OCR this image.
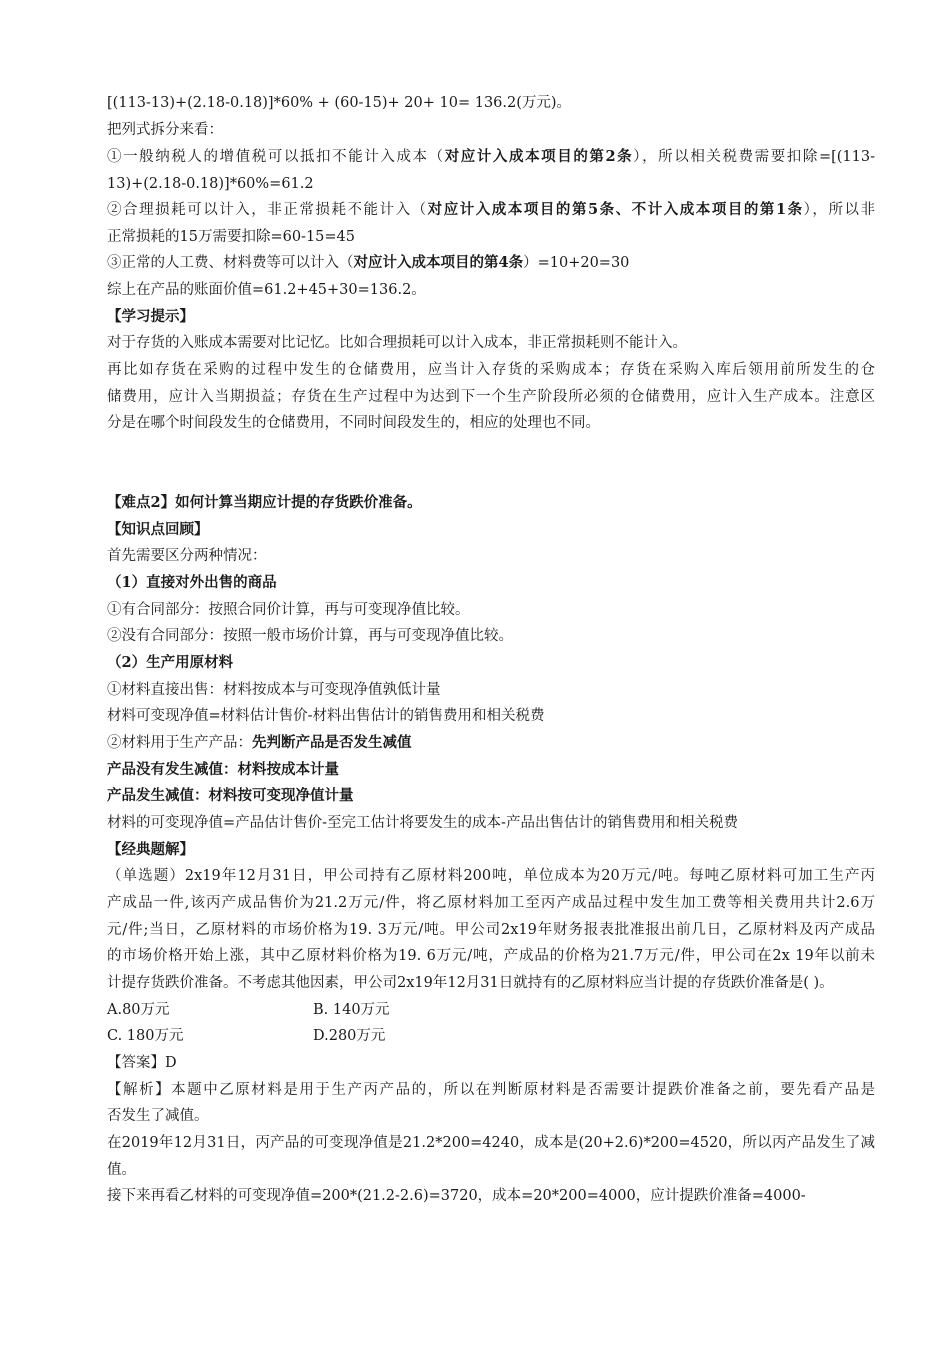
[(113-13)+(2.18-0.18)]*60% + (60-15)+ 20+ 10= 136.2(万元)。
把列式拆分来看：
①一般纳税人的增值税可以抵扣不能计入成本（对应计入成本项目的第2条），所以相关税费需要扣除=[(113-
13)+(2.18-0.18)]*60%=61.2
②合理损耗可以计入，非正常损耗不能计入（对应计入成本项目的第5条、不计入成本项目的第1条），所以非
正常损耗的15万需要扣除=60-15=45
③正常的人工费、材料费等可以计入（对应计入成本项目的第4条）=10+20=30
综上在产品的账面价值=61.2+45+30=136.2。
【学习提示】
对于存货的入账成本需要对比记忆。比如合理损耗可以计入成本，非正常损耗则不能计入。
再比如存货在采购的过程中发生的仓储费用，应当计入存货的采购成本；存货在采购入库后领用前所发生的仓
储费用，应计入当期损益；存货在生产过程中为达到下一个生产阶段所必须的仓储费用，应计入生产成本。注意区
分是在哪个时间段发生的仓储费用，不同时间段发生的，相应的处理也不同。
【难点2】如何计算当期应计提的存货跌价准备。
【知识点回顾】
首先需要区分两种情况：
（1）直接对外出售的商品
①有合同部分：按照合同价计算，再与可变现净值比较。
②没有合同部分：按照一般市场价计算，再与可变现净值比较。
（2）生产用原材料
①材料直接出售：材料按成本与可变现净值孰低计量
材料可变现净值=材料估计售价-材料出售估计的销售费用和相关税费
②材料用于生产产品：先判断产品是否发生减值
产品没有发生减值：材料按成本计量
产品发生减值：材料按可变现净值计量
材料的可变现净值=产品估计售价-至完工估计将要发生的成本-产品出售估计的销售费用和相关税费
【经典题解】
（单选题）2x19年12月31日，甲公司持有乙原材料200吨，单位成本为20万元/吨。每吨乙原材料可加工生产丙
产成品一件,该丙产成品售价为21.2万元/件，将乙原材料加工至丙产成品过程中发生加工费等相关费用共计2.6万
元/件;当日，乙原材料的市场价格为19. 3万元/吨。甲公司2x19年财务报表批准报出前几日，乙原材料及丙产成品
的市场价格开始上涨，其中乙原材料价格为19. 6万元/吨，产成品的价格为21.7万元/件，甲公司在2x 19年以前未
计提存货跌价准备。不考虑其他因素，甲公司2x19年12月31日就持有的乙原材料应当计提的存货跌价准备是( )。
A.80万元	B. 140万元
C. 180万元	D.280万元
【答案】D
【解析】本题中乙原材料是用于生产丙产品的，所以在判断原材料是否需要计提跌价准备之前，要先看产品是
否发生了减值。
在2019年12月31日，丙产品的可变现净值是21.2*200=4240，成本是(20+2.6)*200=4520，所以丙产品发生了减
值。
接下来再看乙材料的可变现净值=200*(21.2-2.6)=3720，成本=20*200=4000，应计提跌价准备=4000-
